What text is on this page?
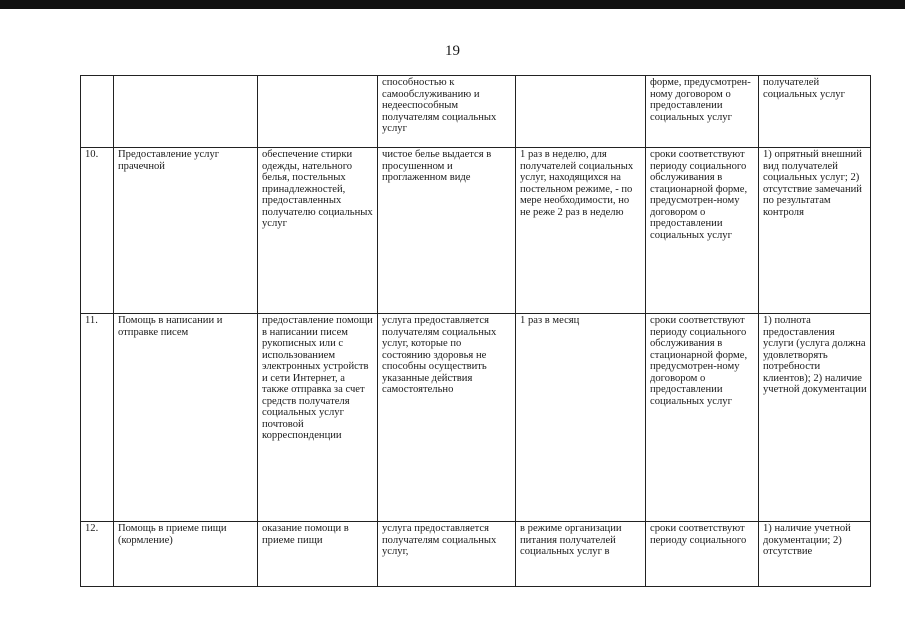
19
			способностью к самообслуживанию и недееспособным получателям социальных услуг		форме, предусмотрен-ному договором о предоставлении социальных услуг	получателей социальных услуг
10.	Предоставление услуг прачечной	обеспечение стирки одежды, нательного белья, постельных принадлежностей, предоставленных получателю социальных услуг	чистое белье выдается в просушенном и проглаженном виде	1 раз в неделю, для получателей социальных услуг, находящихся на постельном режиме, - по мере необходимости, но не реже 2 раз в неделю	сроки соответствуют периоду социального обслуживания в стационарной форме, предусмотрен-ному договором о предоставлении социальных услуг	1) опрятный внешний вид получателей социальных услуг; 2) отсутствие замечаний по результатам контроля
11.	Помощь в написании и отправке писем	предоставление помощи в написании писем рукописных или с использованием электронных устройств и сети Интернет, а также отправка за счет средств получателя социальных услуг почтовой корреспонденции	услуга предоставляется получателям социальных услуг, которые по состоянию здоровья не способны осуществить указанные действия самостоятельно	1 раз в месяц	сроки соответствуют периоду социального обслуживания в стационарной форме, предусмотрен-ному договором о предоставлении социальных услуг	1) полнота предоставления услуги (услуга должна удовлетворять потребности клиентов); 2) наличие учетной документации
12.	Помощь в приеме пищи (кормление)	оказание помощи в приеме пищи	услуга предоставляется получателям социальных услуг,	в режиме организации питания получателей социальных услуг в	сроки соответствуют периоду социального	1) наличие учетной документации; 2) отсутствие
